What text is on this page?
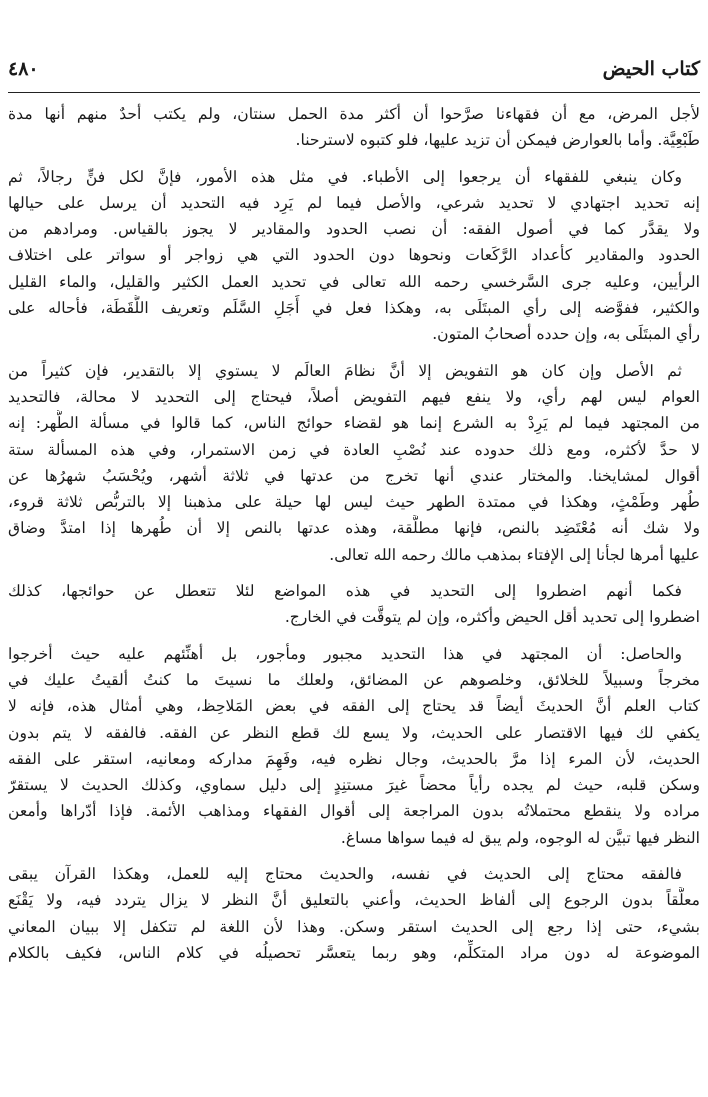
كتاب الحيض
٤٨٠
لأجل المرض، مع أن فقهاءنا صرَّحوا أن أكثر مدة الحمل سنتان، ولم يكتب أحدٌ منهم أنها مدة
طَبْعِيَّة. وأما بالعوارض فيمكن أن تزيد عليها، فلو كتبوه لاسترحنا.
وكان ينبغي للفقهاء أن يرجعوا إلى الأطباء. في مثل هذه الأمور، فإنَّ لكل فنٍّ رجالاً، ثم
إنه تحديد اجتهادي لا تحديد شرعي، والأصل فيما لم يَرِد فيه التحديد أن يرسل على حيالها
ولا يقدَّر كما في أصول الفقه: أن نصب الحدود والمقادير لا يجوز بالقياس. ومرادهم من
الحدود والمقادير كأعداد الرَّكَعات ونحوها دون الحدود التي هي زواجر أو سواتر على اختلاف
الرأيين، وعليه جرى السَّرخسي رحمه الله تعالى في تحديد العمل الكثير والقليل، والماء القليل
والكثير، ففوَّضه إلى رأي المبتَلَى به، وهكذا فعل في أَجَلِ السَّلَم وتعريف اللُّقَطَة، فأحاله على
رأي المبتَلَى به، وإن حدده أصحابُ المتون.
ثم الأصل وإن كان هو التفويض إلا أنَّ نظامَ العالَم لا يستوي إلا بالتقدير، فإن كثيراً من
العوام ليس لهم رأي، ولا ينفع فيهم التفويض أصلاً، فيحتاج إلى التحديد لا محالة، فالتحديد
من المجتهد فيما لم يَرِدْ به الشرع إنما هو لقضاء حوائج الناس، كما قالوا في مسألة الطُّهر: إنه
لا حدَّ لأكثره، ومع ذلك حدوده عند نُصْبِ العادة في زمن الاستمرار، وفي هذه المسألة ستة
أقوال لمشايخنا. والمختار عندي أنها تخرج من عدتها في ثلاثة أشهر، ويُحْسَبُ شهرُها عن
طُهر وطَمْثٍ، وهكذا في ممتدة الطهر حيث ليس لها حيلة على مذهبنا إلا بالتربُّص ثلاثة قروء،
ولا شك أنه مُعْتَضِد بالنص، فإنها مطلَّقة، وهذه عدتها بالنص إلا أن طُهرها إذا امتدَّ وضاق
عليها أمرها لجأنا إلى الإفتاء بمذهب مالك رحمه الله تعالى.
فكما أنهم اضطروا إلى التحديد في هذه المواضع لئلا تتعطل عن حوائجها، كذلك
اضطروا إلى تحديد أقل الحيض وأكثره، وإن لم يتوقَّت في الخارج.
والحاصل: أن المجتهد في هذا التحديد مجبور ومأجور، بل أهنِّئهم عليه حيث أخرجوا
مخرجاً وسبيلاً للخلائق، وخلصوهم عن المضائق، ولعلك ما نسيتَ ما كنتُ ألقيتُ عليك في
كتاب العلم أنَّ الحديثَ أيضاً قد يحتاج إلى الفقه في بعض المَلاحِظ، وهي أمثال هذه، فإنه لا
يكفي لك فيها الاقتصار على الحديث، ولا يسع لك قطع النظر عن الفقه. فالفقه لا يتم بدون
الحديث، لأن المرء إذا مرَّ بالحديث، وجال نظره فيه، وفَهِمَ مداركه ومعانيه، استقر على الفقه
وسكن قلبه، حيث لم يجده رأياً محضاً غيرَ مستنِدٍ إلى دليل سماوي، وكذلك الحديث لا يستقرّ
مراده ولا ينقطع محتملاتُه بدون المراجعة إلى أقوال الفقهاء ومذاهب الأئمة. فإذا أدّراها وأمعن
النظر فيها تبيَّن له الوجوه، ولم يبق له فيما سواها مساغ.
فالفقه محتاج إلى الحديث في نفسه، والحديث محتاج إليه للعمل، وهكذا القرآن يبقى
معلَّقاً بدون الرجوع إلى ألفاظ الحديث، وأعني بالتعليق أنَّ النظر لا يزال يتردد فيه، ولا يَقْنَع
بشيء، حتى إذا رجع إلى الحديث استقر وسكن. وهذا لأن اللغة لم تتكفل إلا ببيان المعاني
الموضوعة له دون مراد المتكلِّم، وهو ربما يتعسَّر تحصيلُه في كلام الناس، فكيف بالكلام
